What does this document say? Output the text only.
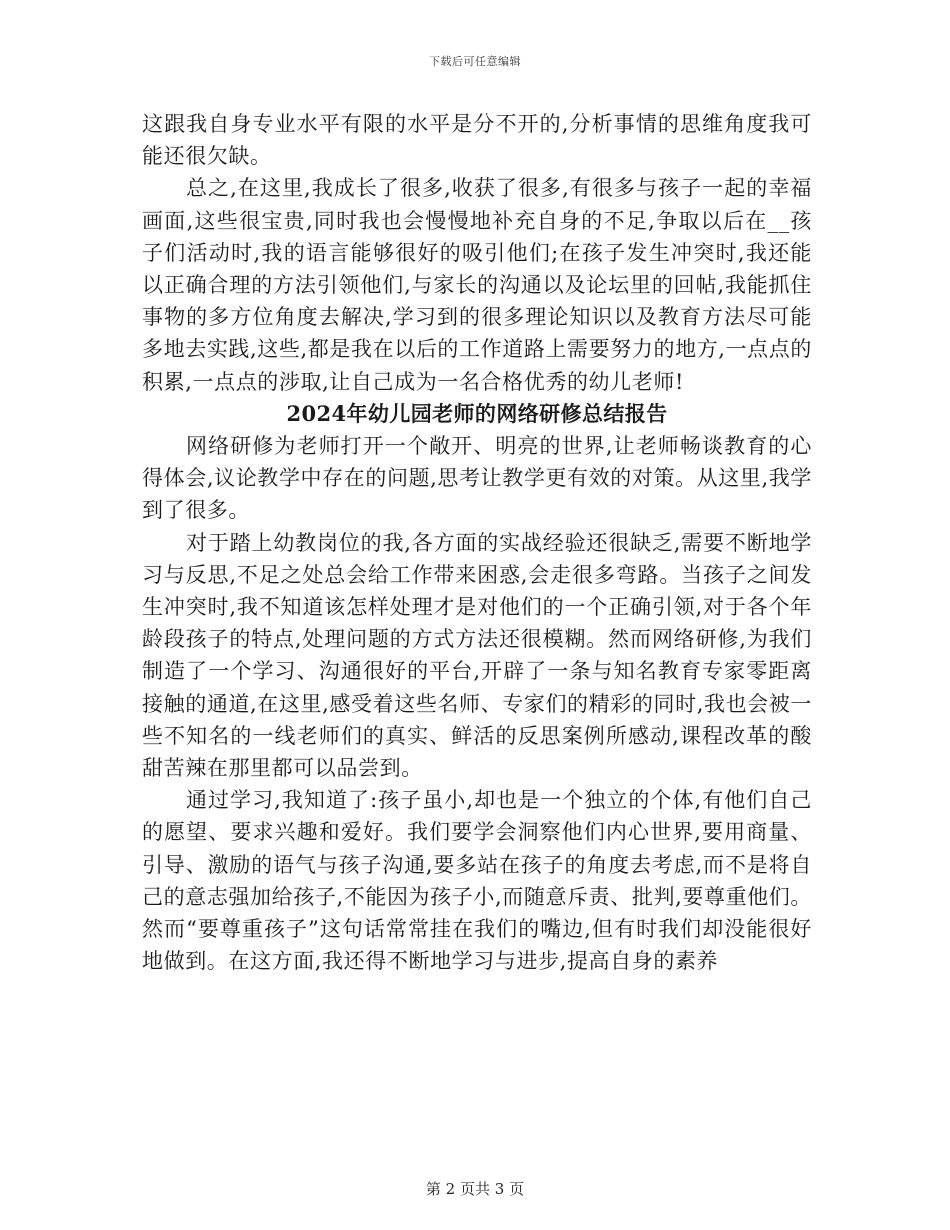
下载后可任意编辑

这跟我自身专业水平有限的水平是分不开的,分析事情的思维角度我可能还很欠缺。

总之,在这里,我成长了很多,收获了很多,有很多与孩子一起的幸福画面,这些很宝贵,同时我也会慢慢地补充自身的不足,争取以后在__孩子们活动时,我的语言能够很好的吸引他们;在孩子发生冲突时,我还能以正确合理的方法引领他们,与家长的沟通以及论坛里的回帖,我能抓住事物的多方位角度去解决,学习到的很多理论知识以及教育方法尽可能多地去实践,这些,都是我在以后的工作道路上需要努力的地方,一点点的积累,一点点的涉取,让自己成为一名合格优秀的幼儿老师!

2024年幼儿园老师的网络研修总结报告

网络研修为老师打开一个敞开、明亮的世界,让老师畅谈教育的心得体会,议论教学中存在的问题,思考让教学更有效的对策。从这里,我学到了很多。

对于踏上幼教岗位的我,各方面的实战经验还很缺乏,需要不断地学习与反思,不足之处总会给工作带来困惑,会走很多弯路。当孩子之间发生冲突时,我不知道该怎样处理才是对他们的一个正确引领,对于各个年龄段孩子的特点,处理问题的方式方法还很模糊。然而网络研修,为我们制造了一个学习、沟通很好的平台,开辟了一条与知名教育专家零距离接触的通道,在这里,感受着这些名师、专家们的精彩的同时,我也会被一些不知名的一线老师们的真实、鲜活的反思案例所感动,课程改革的酸甜苦辣在那里都可以品尝到。

通过学习,我知道了:孩子虽小,却也是一个独立的个体,有他们自己的愿望、要求兴趣和爱好。我们要学会洞察他们内心世界,要用商量、引导、激励的语气与孩子沟通,要多站在孩子的角度去考虑,而不是将自己的意志强加给孩子,不能因为孩子小,而随意斥责、批判,要尊重他们。然而“要尊重孩子”这句话常常挂在我们的嘴边,但有时我们却没能很好地做到。在这方面,我还得不断地学习与进步,提高自身的素养

第 2 页共 3 页
